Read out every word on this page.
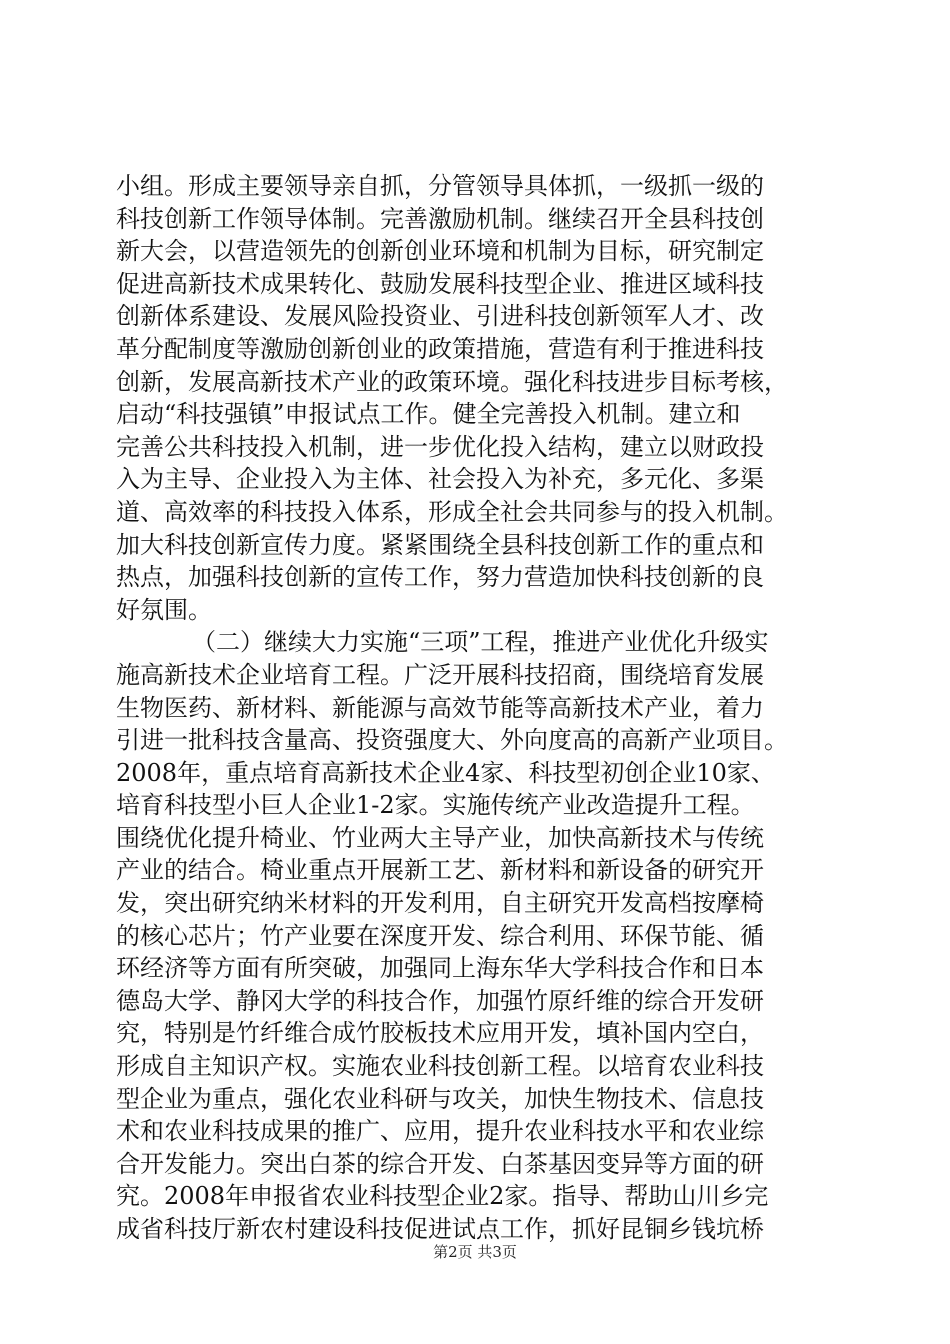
小组。形成主要领导亲自抓，分管领导具体抓，一级抓一级的
科技创新工作领导体制。完善激励机制。继续召开全县科技创
新大会，以营造领先的创新创业环境和机制为目标，研究制定
促进高新技术成果转化、鼓励发展科技型企业、推进区域科技
创新体系建设、发展风险投资业、引进科技创新领军人才、改
革分配制度等激励创新创业的政策措施，营造有利于推进科技
创新，发展高新技术产业的政策环境。强化科技进步目标考核，
启动“科技强镇”申报试点工作。健全完善投入机制。建立和
完善公共科技投入机制，进一步优化投入结构，建立以财政投
入为主导、企业投入为主体、社会投入为补充，多元化、多渠
道、高效率的科技投入体系，形成全社会共同参与的投入机制。
加大科技创新宣传力度。紧紧围绕全县科技创新工作的重点和
热点，加强科技创新的宣传工作，努力营造加快科技创新的良
好氛围。
（二）继续大力实施“三项”工程，推进产业优化升级实
施高新技术企业培育工程。广泛开展科技招商，围绕培育发展
生物医药、新材料、新能源与高效节能等高新技术产业，着力
引进一批科技含量高、投资强度大、外向度高的高新产业项目。
2008年，重点培育高新技术企业4家、科技型初创企业10家、
培育科技型小巨人企业1-2家。实施传统产业改造提升工程。
围绕优化提升椅业、竹业两大主导产业，加快高新技术与传统
产业的结合。椅业重点开展新工艺、新材料和新设备的研究开
发，突出研究纳米材料的开发利用，自主研究开发高档按摩椅
的核心芯片；竹产业要在深度开发、综合利用、环保节能、循
环经济等方面有所突破，加强同上海东华大学科技合作和日本
德岛大学、静冈大学的科技合作，加强竹原纤维的综合开发研
究，特别是竹纤维合成竹胶板技术应用开发，填补国内空白，
形成自主知识产权。实施农业科技创新工程。以培育农业科技
型企业为重点，强化农业科研与攻关，加快生物技术、信息技
术和农业科技成果的推广、应用，提升农业科技水平和农业综
合开发能力。突出白茶的综合开发、白茶基因变异等方面的研
究。2008年申报省农业科技型企业2家。指导、帮助山川乡完
成省科技厅新农村建设科技促进试点工作，抓好昆铜乡钱坑桥
第2页 共3页
